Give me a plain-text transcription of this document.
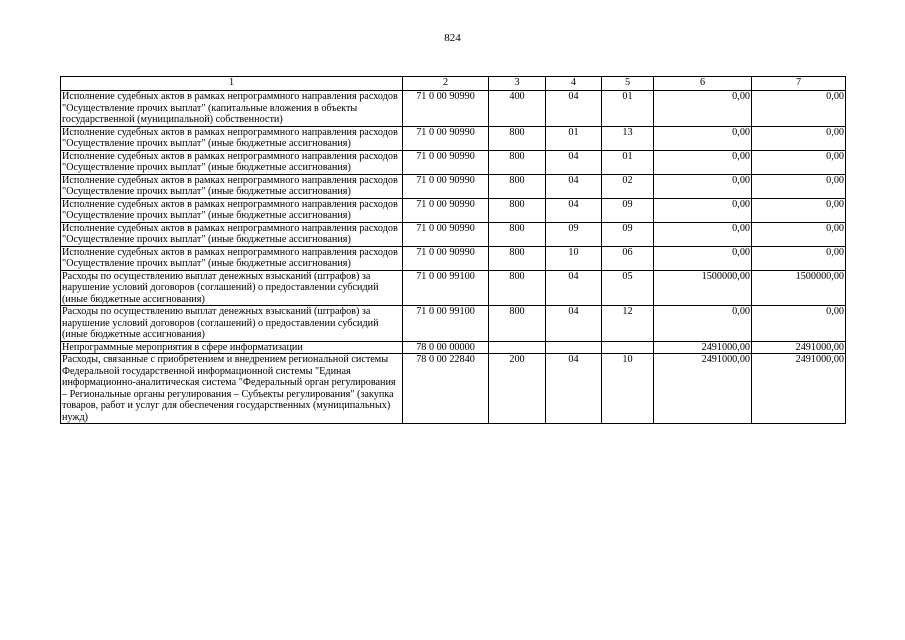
824
1	2	3	4	5	6	7
Исполнение судебных актов в рамках непрограммного направления расходов "Осуществление прочих выплат" (капитальные вложения в объекты государственной (муниципальной) собственности)	71 0 00 90990	400	04	01	0,00	0,00
Исполнение судебных актов в рамках непрограммного направления расходов "Осуществление прочих выплат" (иные бюджетные ассигнования)	71 0 00 90990	800	01	13	0,00	0,00
Исполнение судебных актов в рамках непрограммного направления расходов "Осуществление прочих выплат" (иные бюджетные ассигнования)	71 0 00 90990	800	04	01	0,00	0,00
Исполнение судебных актов в рамках непрограммного направления расходов "Осуществление прочих выплат" (иные бюджетные ассигнования)	71 0 00 90990	800	04	02	0,00	0,00
Исполнение судебных актов в рамках непрограммного направления расходов "Осуществление прочих выплат" (иные бюджетные ассигнования)	71 0 00 90990	800	04	09	0,00	0,00
Исполнение судебных актов в рамках непрограммного направления расходов "Осуществление прочих выплат" (иные бюджетные ассигнования)	71 0 00 90990	800	09	09	0,00	0,00
Исполнение судебных актов в рамках непрограммного направления расходов "Осуществление прочих выплат" (иные бюджетные ассигнования)	71 0 00 90990	800	10	06	0,00	0,00
Расходы по осуществлению выплат денежных взысканий (штрафов) за нарушение условий договоров (соглашений) о предоставлении субсидий (иные бюджетные ассигнования)	71 0 00 99100	800	04	05	1500000,00	1500000,00
Расходы по осуществлению выплат денежных взысканий (штрафов) за нарушение условий договоров (соглашений) о предоставлении субсидий (иные бюджетные ассигнования)	71 0 00 99100	800	04	12	0,00	0,00
Непрограммные мероприятия в сфере информатизации	78 0 00 00000				2491000,00	2491000,00
Расходы, связанные с приобретением и внедрением региональной системы Федеральной государственной информационной системы "Единая информационно-аналитическая система "Федеральный орган регулирования – Региональные органы регулирования – Субъекты регулирования" (закупка товаров, работ и услуг для обеспечения государственных (муниципальных) нужд)	78 0 00 22840	200	04	10	2491000,00	2491000,00
